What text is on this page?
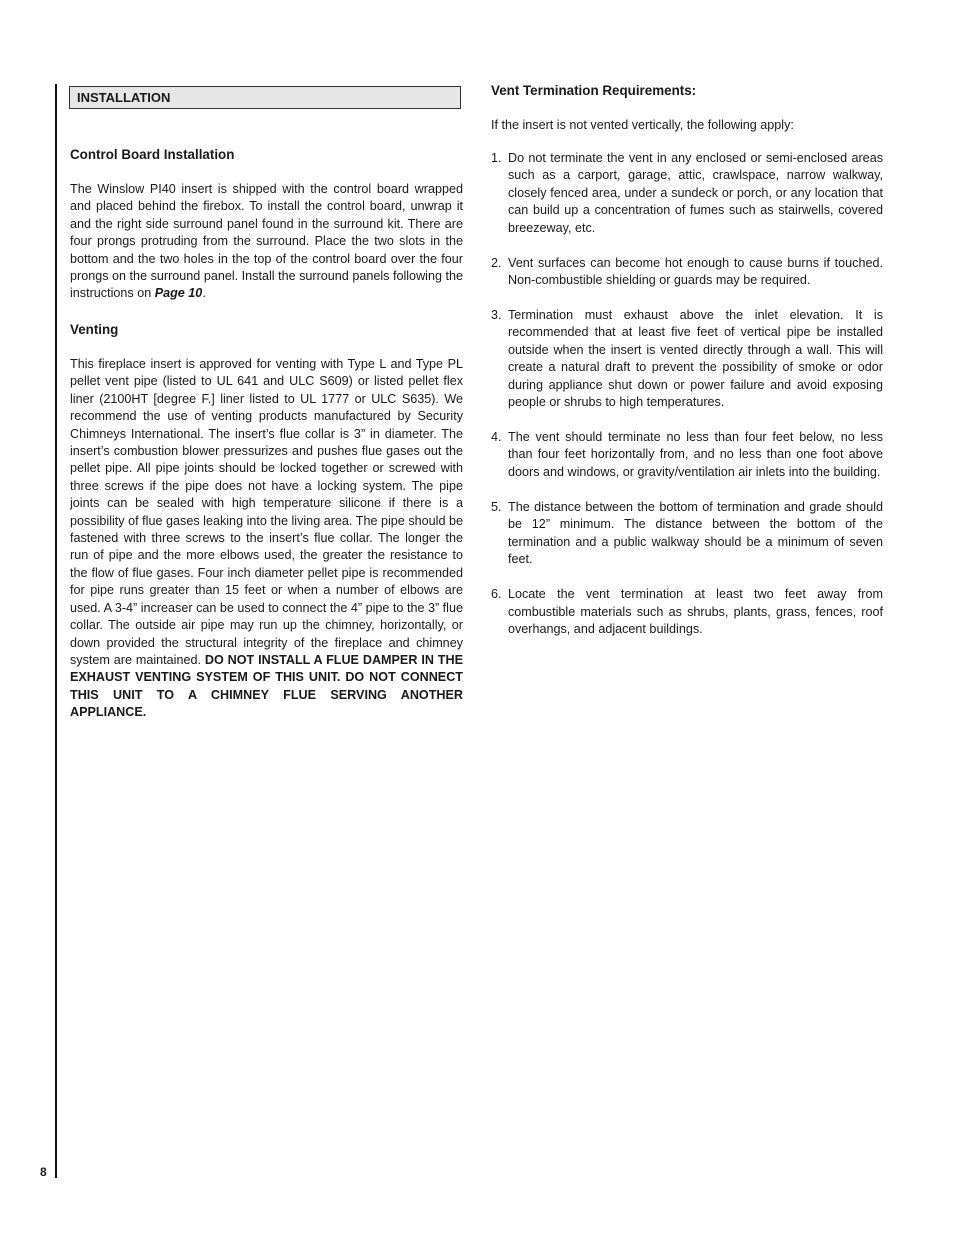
8
INSTALLATION
Control Board Installation

The Winslow PI40 insert is shipped with the control board wrapped and placed behind the firebox. To install the control board, unwrap it and the right side surround panel found in the surround kit. There are four prongs protruding from the surround. Place the two slots in the bottom and the two holes in the top of the control board over the four prongs on the surround panel. Install the surround panels following the instructions on Page 10.

Venting

This fireplace insert is approved for venting with Type L and Type PL pellet vent pipe (listed to UL 641 and ULC S609) or listed pellet flex liner (2100HT [degree F.] liner listed to UL 1777 or ULC S635). We recommend the use of venting products manufactured by Security Chimneys International. The insert’s flue collar is 3” in diameter. The insert’s combustion blower pressurizes and pushes flue gases out the pellet pipe. All pipe joints should be locked together or screwed with three screws if the pipe does not have a locking system. The pipe joints can be sealed with high temperature silicone if there is a possibility of flue gases leaking into the living area. The pipe should be fastened with three screws to the insert’s flue collar. The longer the run of pipe and the more elbows used, the greater the resistance to the flow of flue gases. Four inch diameter pellet pipe is recommended for pipe runs greater than 15 feet or when a number of elbows are used. A 3-4” increaser can be used to connect the 4” pipe to the 3” flue collar. The outside air pipe may run up the chimney, horizontally, or down provided the structural integrity of the fireplace and chimney system are maintained. DO NOT INSTALL A FLUE DAMPER IN THE EXHAUST VENTING SYSTEM OF THIS UNIT. DO NOT CONNECT THIS UNIT TO A CHIMNEY FLUE SERVING ANOTHER APPLIANCE.

Vent Termination Requirements:

If the insert is not vented vertically, the following apply:

1. Do not terminate the vent in any enclosed or semi-enclosed areas such as a carport, garage, attic, crawlspace, narrow walkway, closely fenced area, under a sundeck or porch, or any location that can build up a concentration of fumes such as stairwells, covered breezeway, etc.
2. Vent surfaces can become hot enough to cause burns if touched. Non-combustible shielding or guards may be required.
3. Termination must exhaust above the inlet elevation. It is recommended that at least five feet of vertical pipe be installed outside when the insert is vented directly through a wall. This will create a natural draft to prevent the possibility of smoke or odor during appliance shut down or power failure and avoid exposing people or shrubs to high temperatures.
4. The vent should terminate no less than four feet below, no less than four feet horizontally from, and no less than one foot above doors and windows, or gravity/ventilation air inlets into the building.
5. The distance between the bottom of termination and grade should be 12” minimum. The distance between the bottom of the termination and a public walkway should be a minimum of seven feet.
6. Locate the vent termination at least two feet away from combustible materials such as shrubs, plants, grass, fences, roof overhangs, and adjacent buildings.
